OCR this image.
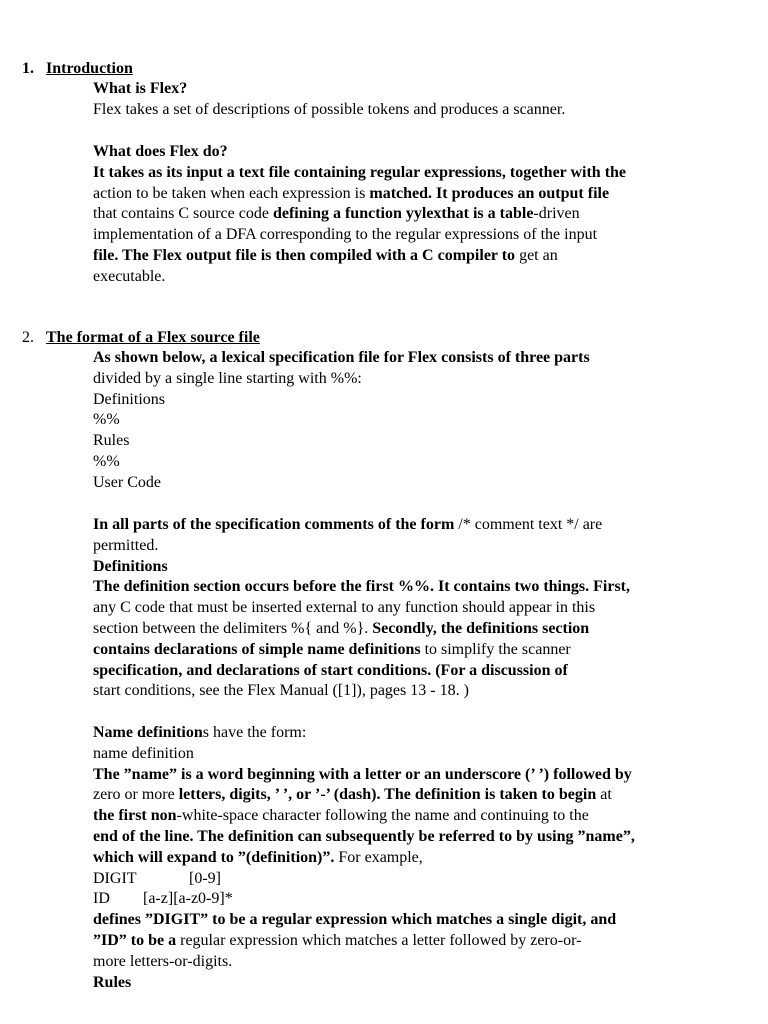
1. Introduction
What is Flex?
Flex takes a set of descriptions of possible tokens and produces a scanner.
What does Flex do?
It takes as its input a text file containing regular expressions, together with the
action to be taken when each expression is matched. It produces an output file
that contains C source code defining a function yylexthat is a table-driven
implementation of a DFA corresponding to the regular expressions of the input
file. The Flex output file is then compiled with a C compiler to get an
executable.
2. The format of a Flex source file
As shown below, a lexical specification file for Flex consists of three parts
divided by a single line starting with %%:
Definitions
%%
Rules
%%
User Code
In all parts of the specification comments of the form /* comment text */ are
permitted.
Definitions
The definition section occurs before the first %%. It contains two things. First,
any C code that must be inserted external to any function should appear in this
section between the delimiters %{ and %}. Secondly, the definitions section
contains declarations of simple name definitions to simplify the scanner
specification, and declarations of start conditions. (For a discussion of
start conditions, see the Flex Manual ([1]), pages 13 - 18. )
Name definitions have the form:
name definition
The ”name” is a word beginning with a letter or an underscore (’ ’) followed by
zero or more letters, digits, ’ ’, or ’-’ (dash). The definition is taken to begin at
the first non-white-space character following the name and continuing to the
end of the line. The definition can subsequently be referred to by using ”name”,
which will expand to ”(definition)”. For example,
DIGIT	[0-9]
ID [a-z][a-z0-9]*
defines ”DIGIT” to be a regular expression which matches a single digit, and
”ID” to be a regular expression which matches a letter followed by zero-or-
more letters-or-digits.
Rules
